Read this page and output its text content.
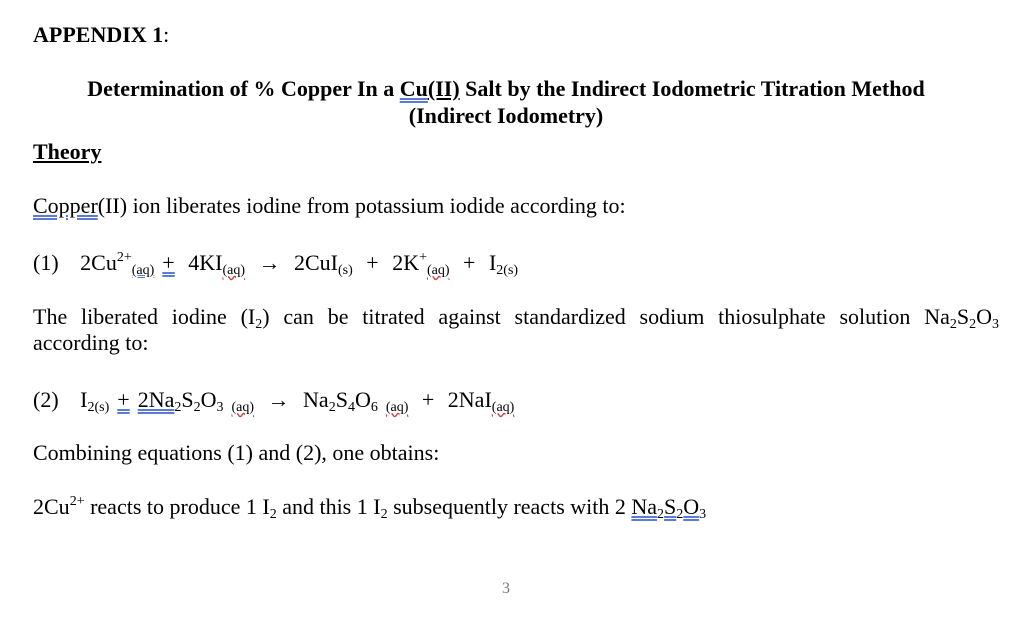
APPENDIX 1:
Determination of % Copper In a Cu(II) Salt by the Indirect Iodometric Titration Method
(Indirect Iodometry)
Theory
Copper(II) ion liberates iodine from potassium iodide according to:
(1) $2Cu^{2+}_{(aq)} + 4KI_{(aq)} \to 2CuI_{(s)} + 2K^+_{(aq)} + I_{2(s)}$
The liberated iodine $(I_2)$ can be titrated against standardized sodium thiosulphate solution $Na_2S_2O_3$
according to:
(2) $I_{2(s)} + 2Na_2S_2O_3$ $_{(aq)} \to Na_2S_4O_6$ $_{(aq)}$ + 2NaI$_{(aq)}$
Combining equations (1) and (2), one obtains:
$2Cu^{2+}$ reacts to produce 1 $I_2$ and this 1 $I_2$ subsequently reacts with 2 $Na_2S_2O_3$
3
